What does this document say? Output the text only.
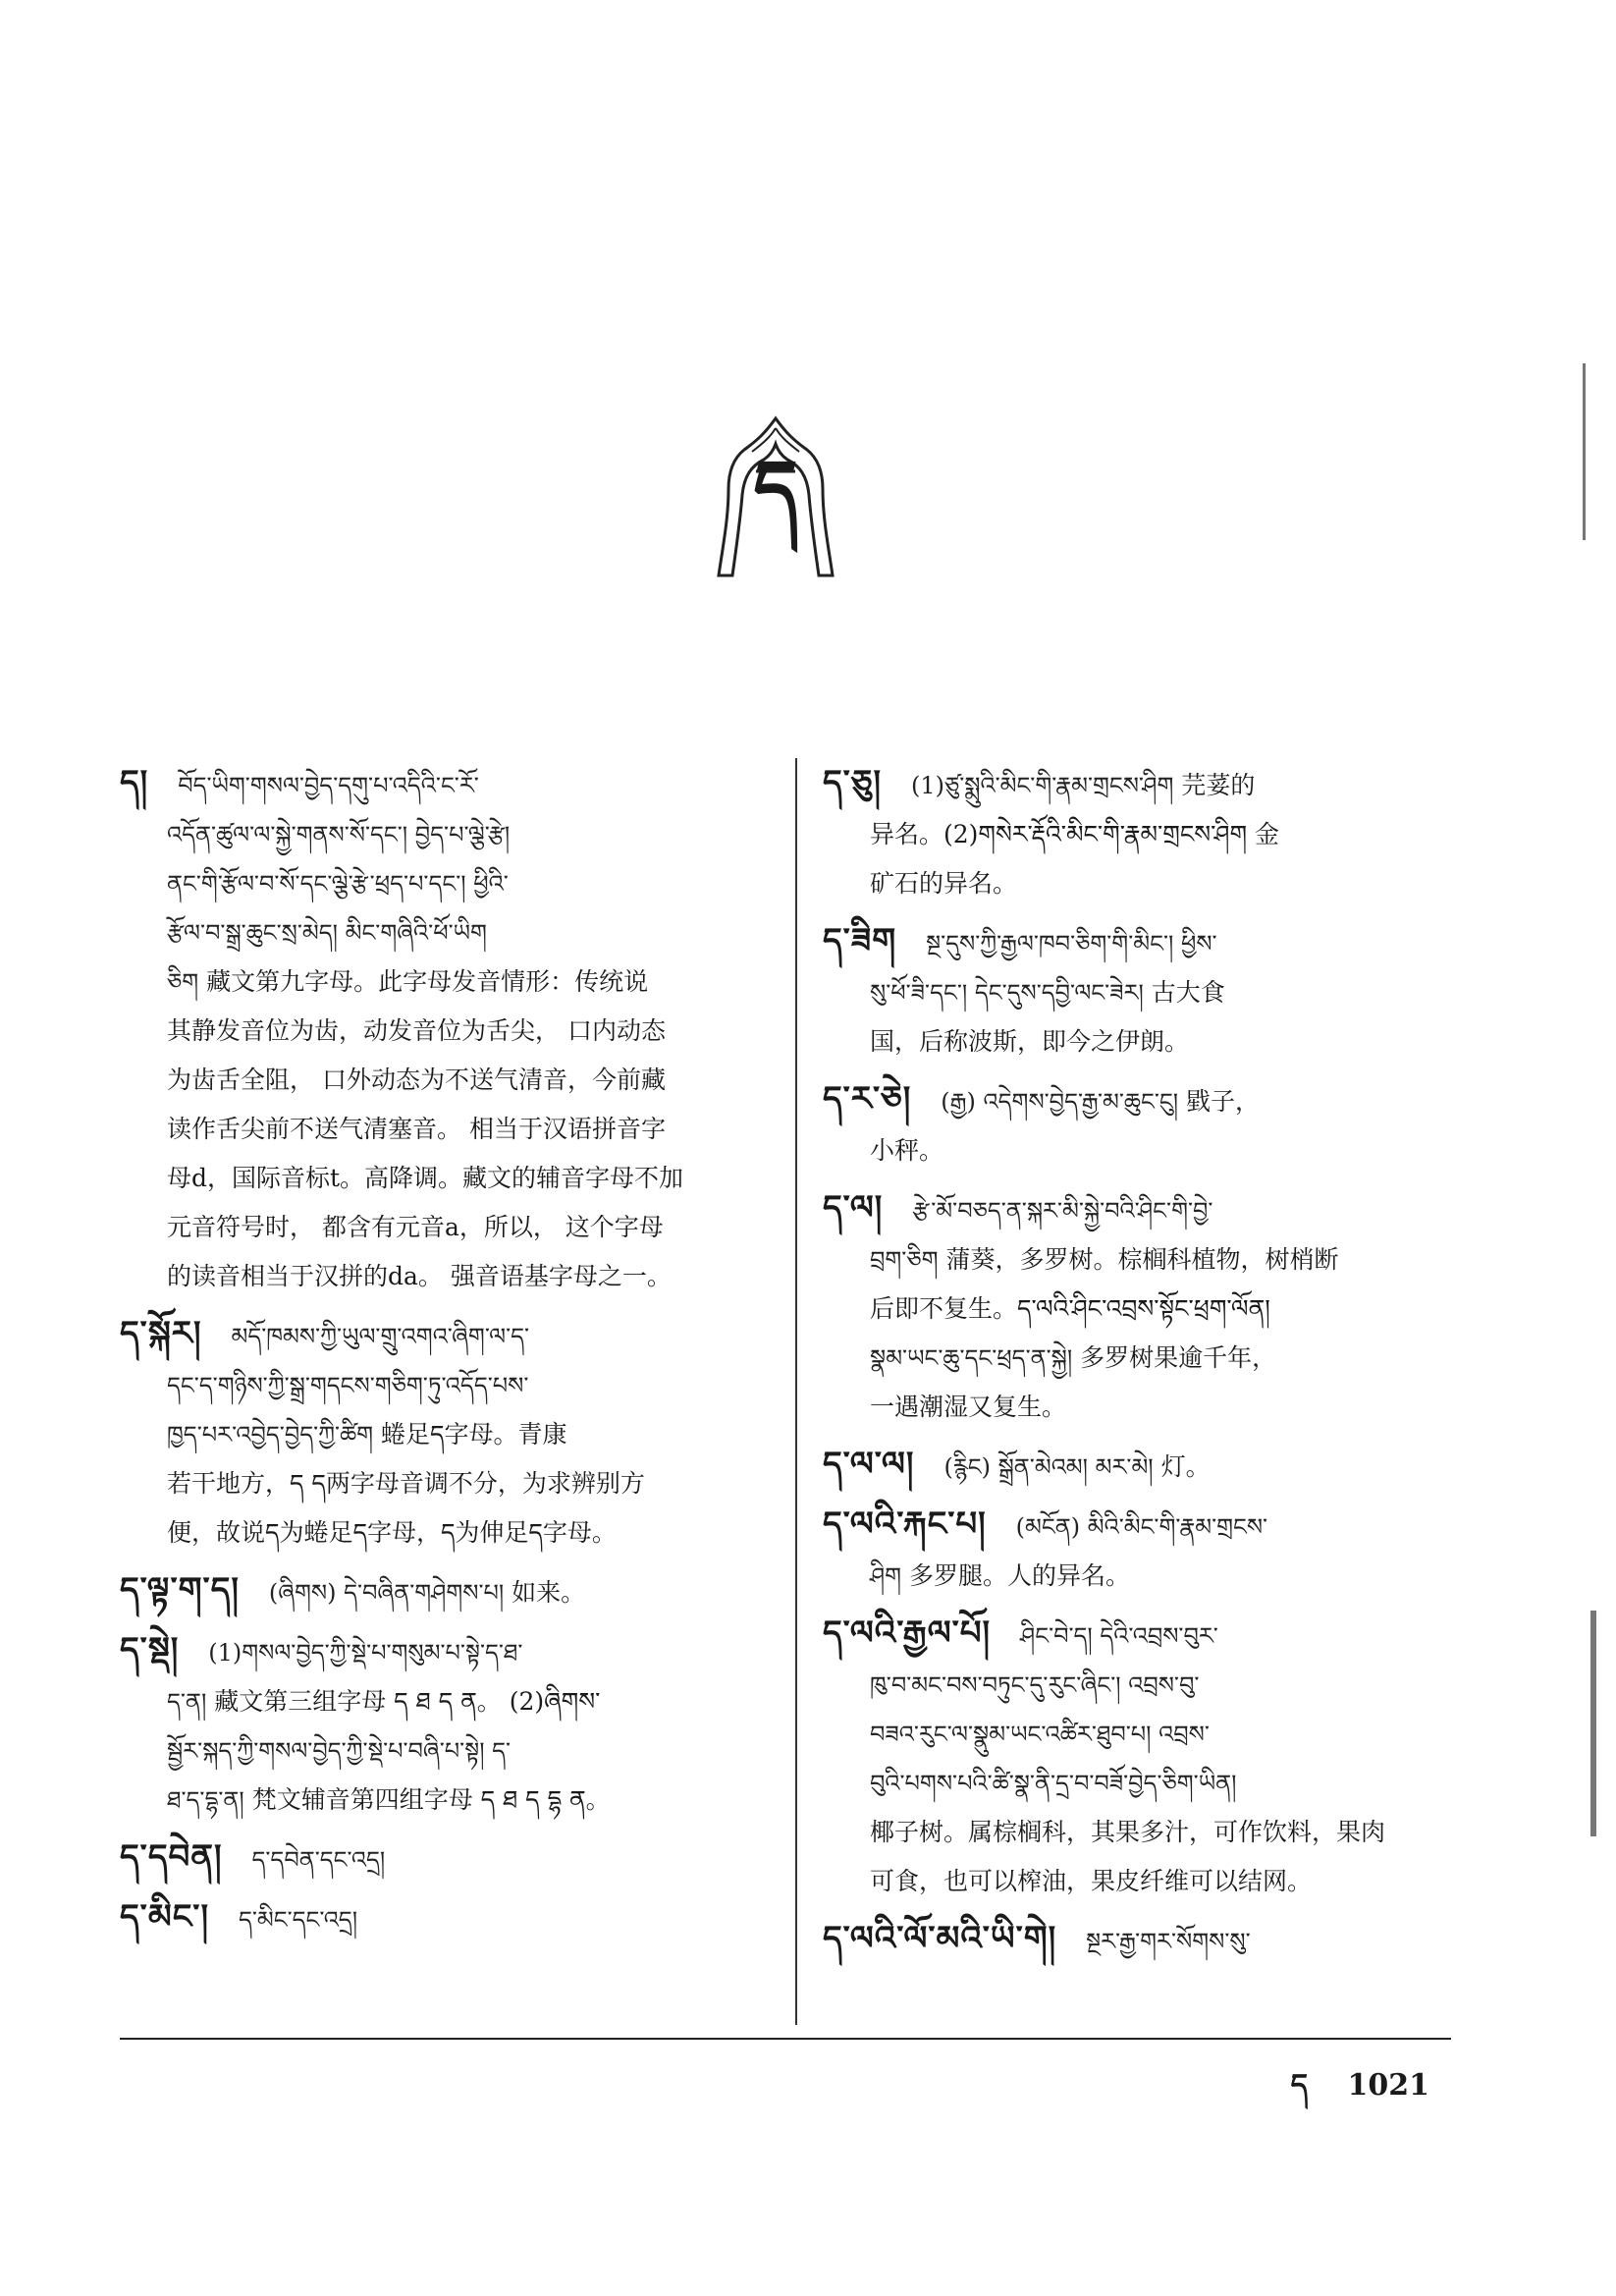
ད
ད། བོད་ཡིག་གསལ་བྱེད་དགུ་པ་འདིའི་ང་རོ་
འདོན་ཚུལ་ལ་སྐྱེ་གནས་སོ་དང་། བྱེད་པ་ལྕེ་རྩེ།
ནང་གི་རྩོལ་བ་སོ་དང་ལྕེ་རྩེ་ཕྲད་པ་དང་། ཕྱིའི་
རྩོལ་བ་སྒྲ་ཆུང་སྲ་མེད། མིང་གཞིའི་ཕོ་ཡིག
ཅིག 藏文第九字母。此字母发音情形：传统说
其静发音位为齿，动发音位为舌尖， 口内动态
为齿舌全阻， 口外动态为不送气清音，今前藏
读作舌尖前不送气清塞音。 相当于汉语拼音字
母d，国际音标t。高降调。藏文的辅音字母不加
元音符号时， 都含有元音a，所以， 这个字母
的读音相当于汉拼的da。 强音语基字母之一。
ད་སྐོར། མདོ་ཁམས་ཀྱི་ཡུལ་གྲུ་འགའ་ཞིག་ལ་ད་
དང་ད་གཉིས་ཀྱི་སྒྲ་གདངས་གཅིག་ཏུ་འདོད་པས་
ཁྱད་པར་འབྱེད་བྱེད་ཀྱི་ཚིག 蜷足ད字母。青康
若干地方，ད ད两字母音调不分，为求辨别方
便，故说ད为蜷足ད字母，ད为伸足ད字母。
ད་ལྟ་ག་ད། (ཞིགས) དེ་བཞིན་གཤེགས་པ། 如来。
ད་སྡེ། (1)གསལ་བྱེད་ཀྱི་སྡེ་པ་གསུམ་པ་སྟེ་ད་ཐ་
ད་ན། 藏文第三组字母 ད ཐ ད ན。 (2)ཞིགས་
སྦྱོར་སྐད་ཀྱི་གསལ་བྱེད་ཀྱི་སྡེ་པ་བཞི་པ་སྟེ། ད་
ཐ་ད་དྷ་ན། 梵文辅音第四组字母 ད ཐ ད དྷ ན。
ད་དབེན། ད་དབེན་དང་འདྲ།
ད་མིང་། ད་མིང་དང་འདྲ།
ད་ཅུ། (1)ཙུ་སྨུའི་མིང་གི་རྣམ་གྲངས་ཤིག 芫荽的
异名。(2)གསེར་རྡོའི་མིང་གི་རྣམ་གྲངས་ཤིག 金
矿石的异名。
ད་ཟིག སྔ་དུས་ཀྱི་རྒྱལ་ཁབ་ཅིག་གི་མིང་། ཕྱིས་
སུ་ཕོ་ཟི་དང་། དེང་དུས་དབྱི་ལང་ཟེར། 古大食
国，后称波斯，即今之伊朗。
ད་ར་ཅེ། (རྒྱ) འདེགས་བྱེད་རྒྱ་མ་ཆུང་ངུ། 戥子，
小秤。
ད་ལ། རྩེ་མོ་བཅད་ན་སྐར་མི་སྐྱེ་བའི་ཤིང་གི་བྱེ་
བྲག་ཅིག 蒲葵，多罗树。棕榈科植物，树梢断
后即不复生。ད་ལའི་ཤིང་འབྲས་སྟོང་ཕྲག་ལོན།
སྣམ་ཡང་ཆུ་དང་ཕྲད་ན་སྐྱེ། 多罗树果逾千年，
一遇潮湿又复生。
ད་ལ་ལ། (རྙིང) སྒྲོན་མེའམ། མར་མེ། 灯。
ད་ལའི་རྐང་པ། (མངོན) མིའི་མིང་གི་རྣམ་གྲངས་
ཤིག 多罗腿。人的异名。
ད་ལའི་རྒྱལ་པོ། ཤིང་བེ་ད། དེའི་འབྲས་བུར་
ཁུ་བ་མང་བས་བཏུང་དུ་རུང་ཞིང་། འབྲས་བུ་
བཟའ་རུང་ལ་སྣུམ་ཡང་འཚིར་ཐུབ་པ། འབྲས་
བུའི་པགས་པའི་ཚི་སྣ་ནི་དྲ་བ་བཟོ་བྱེད་ཅིག་ཡིན།
椰子树。属棕榈科，其果多汁，可作饮料，果肉
可食，也可以榨油，果皮纤维可以结网。
ད་ལའི་ལོ་མའི་ཡི་གེ། སྔར་རྒྱ་གར་སོགས་སུ་
ད 1021
